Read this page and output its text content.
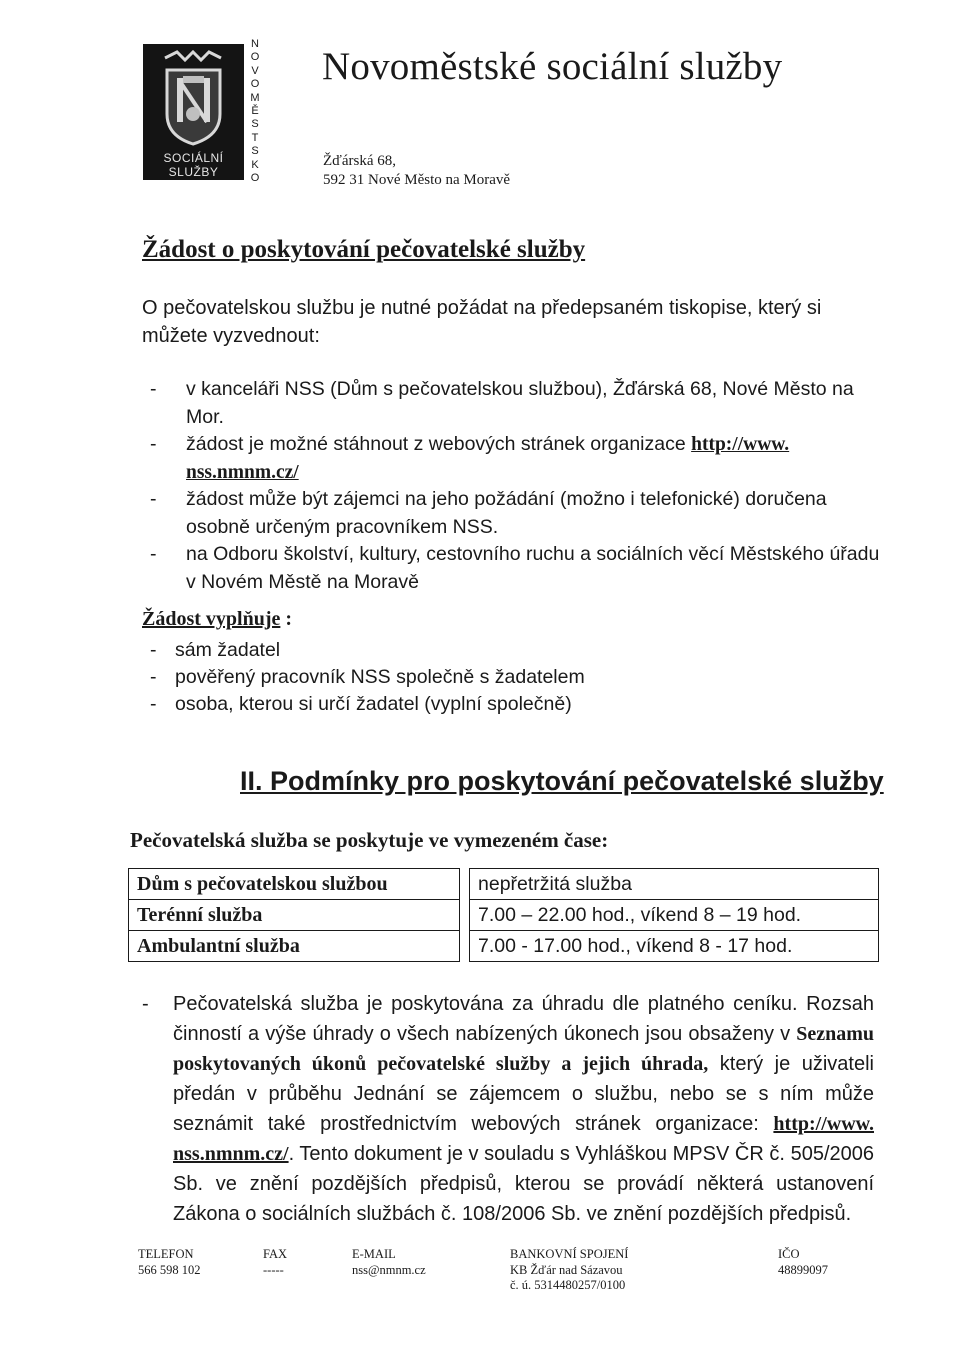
SOCIÁLNÍ
SLUŽBY
N
O
V
O
M
Ě
S
T
S
K
O
Novoměstské sociální služby
Žďárská 68,
592 31 Nové Město na Moravě
Žádost o poskytování pečovatelské služby

O pečovatelskou službu je nutné požádat na předepsaném tiskopise, který si můžete vyzvednout:

- v kanceláři NSS (Dům s pečovatelskou službou), Žďárská 68, Nové Město na Mor.
- žádost je možné stáhnout z webových stránek organizace http://www. nss.nmnm.cz/
- žádost může být zájemci na jeho požádání (možno i telefonické) doručena osobně určeným pracovníkem NSS.
- na Odboru školství, kultury, cestovního ruchu a sociálních věcí Městského úřadu v Novém Městě na Moravě
Žádost vyplňuje :
- sám žadatel
- pověřený pracovník NSS společně s žadatelem
- osoba, kterou si určí žadatel (vyplní společně)
II. Podmínky pro poskytování pečovatelské služby
Pečovatelská služba se poskytuje ve vymezeném čase:
Dům s pečovatelskou službou		nepřetržitá služba
Terénní služba		7.00 – 22.00 hod., víkend 8 – 19 hod.
Ambulantní služba		7.00 - 17.00 hod., víkend 8 - 17 hod.
- Pečovatelská služba je poskytována za úhradu dle platného ceníku. Rozsah činností a výše úhrady o všech nabízených úkonech jsou obsaženy v Seznamu poskytovaných úkonů pečovatelské služby a jejich úhrada, který je uživateli předán v průběhu Jednání se zájemcem o službu, nebo se s ním může seznámit také prostřednictvím webových stránek organizace: http://www. nss.nmnm.cz/. Tento dokument je v souladu s Vyhláškou MPSV ČR č. 505/2006 Sb. ve znění pozdějších předpisů, kterou se provádí některá ustanovení Zákona o sociálních službách č. 108/2006 Sb. ve znění pozdějších předpisů.

TELEFON
566 598 102
FAX
-----
E-MAIL
nss@nmnm.cz
BANKOVNÍ SPOJENÍ
KB Žďár nad Sázavou
č. ú. 5314480257/0100
IČO
48899097
